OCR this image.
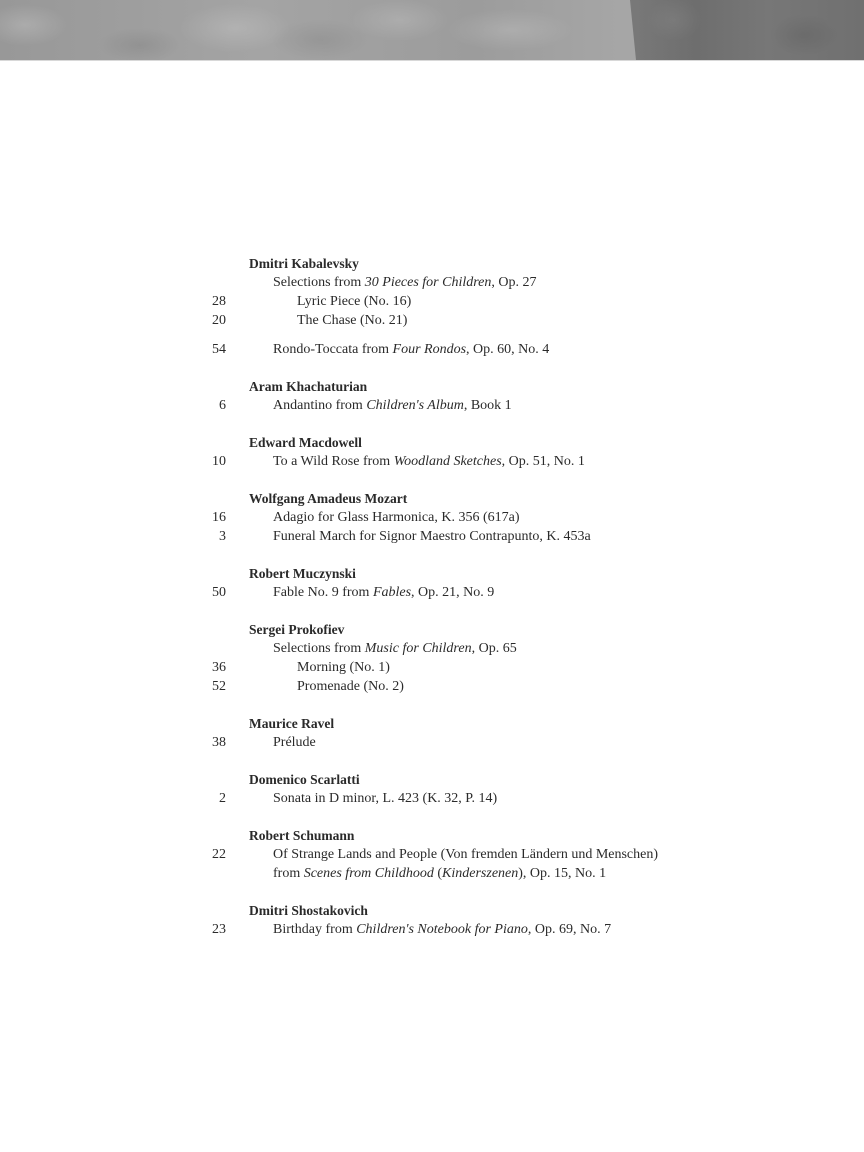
Dmitri Kabalevsky
Selections from 30 Pieces for Children, Op. 27
28	Lyric Piece (No. 16)
20	The Chase (No. 21)
54	Rondo-Toccata from Four Rondos, Op. 60, No. 4
Aram Khachaturian
6	Andantino from Children's Album, Book 1
Edward Macdowell
10	To a Wild Rose from Woodland Sketches, Op. 51, No. 1
Wolfgang Amadeus Mozart
16	Adagio for Glass Harmonica, K. 356 (617a)
3	Funeral March for Signor Maestro Contrapunto, K. 453a
Robert Muczynski
50	Fable No. 9 from Fables, Op. 21, No. 9
Sergei Prokofiev
Selections from Music for Children, Op. 65
36	Morning (No. 1)
52	Promenade (No. 2)
Maurice Ravel
38	Prélude
Domenico Scarlatti
2	Sonata in D minor, L. 423 (K. 32, P. 14)
Robert Schumann
22	Of Strange Lands and People (Von fremden Ländern und Menschen)
from Scenes from Childhood (Kinderszenen), Op. 15, No. 1
Dmitri Shostakovich
23	Birthday from Children's Notebook for Piano, Op. 69, No. 7
